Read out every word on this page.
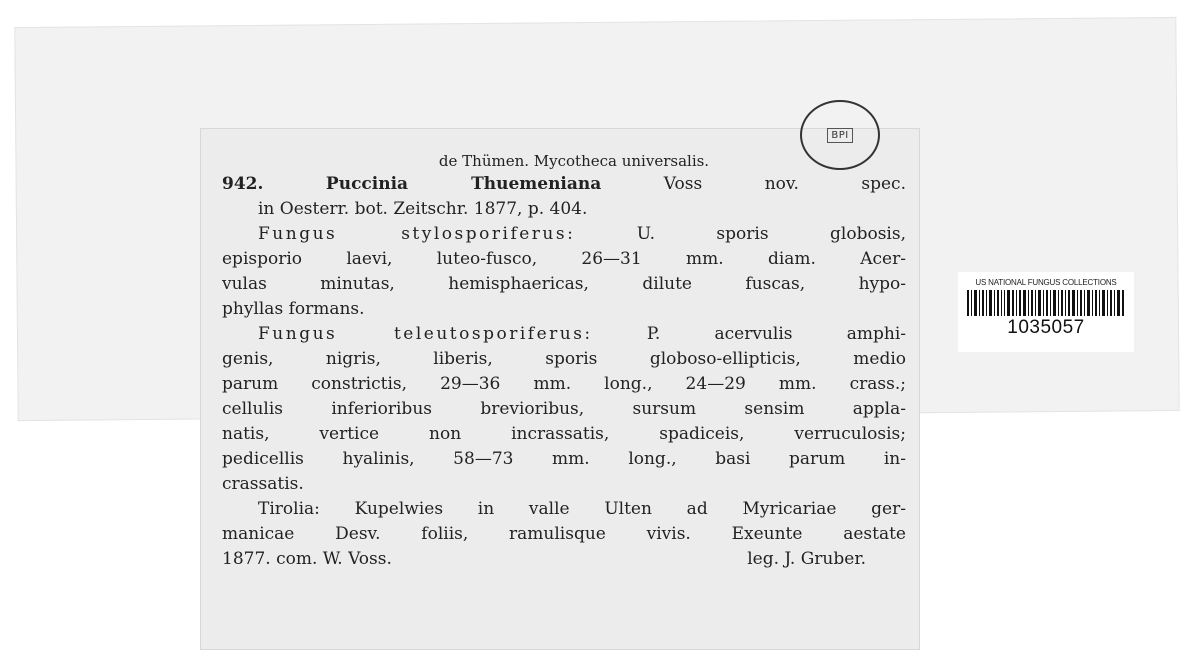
BPI
US NATIONAL FUNGUS COLLECTIONS
1035057
de Thümen. Mycotheca universalis.
942.	Puccinia Thuemeniana	Voss nov. spec.
in Oesterr. bot. Zeitschr. 1877, p. 404.
Fungus stylosporiferus:	U. sporis globosis,
episporio laevi, luteo-fusco, 26—31 mm. diam. Acer-
vulas minutas, hemisphaericas, dilute fuscas, hypo-
phyllas formans.
Fungus teleutosporiferus:	P. acervulis amphi-
genis, nigris, liberis, sporis globoso-ellipticis, medio
parum constrictis, 29—36 mm. long., 24—29 mm. crass.;
cellulis inferioribus brevioribus, sursum sensim appla-
natis, vertice non incrassatis, spadiceis, verruculosis;
pedicellis hyalinis, 58—73 mm. long., basi parum in-
crassatis.
Tirolia: Kupelwies in valle Ulten ad Myricariae ger-
manicae Desv. foliis, ramulisque vivis. Exeunte aestate
1877. com. W. Voss.	leg. J. Gruber.
